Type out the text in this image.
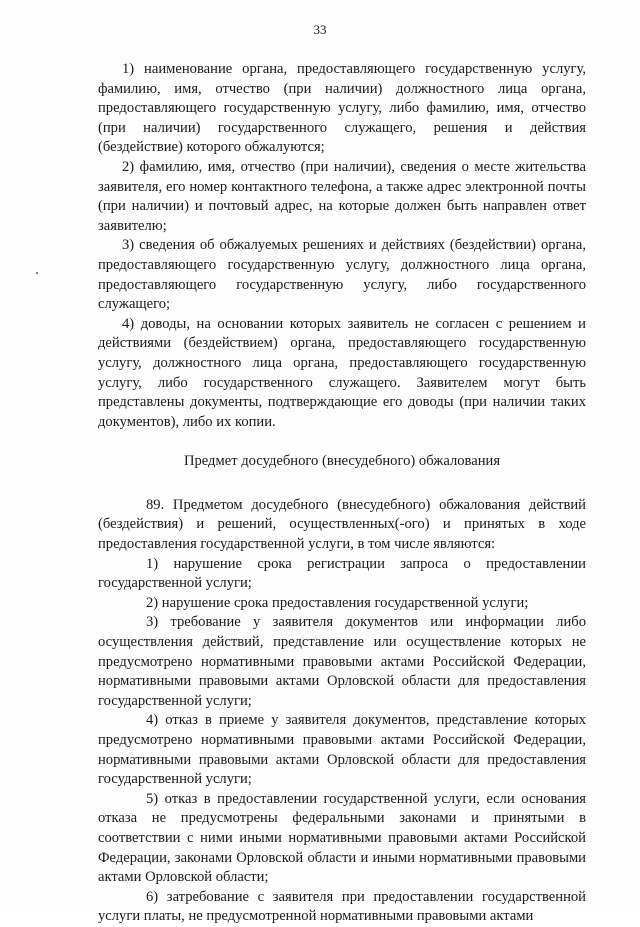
33

1) наименование органа, предоставляющего государственную услугу, фамилию, имя, отчество (при наличии) должностного лица органа, предоставляющего государственную услугу, либо фамилию, имя, отчество (при наличии) государственного служащего, решения и действия (бездействие) которого обжалуются;

2) фамилию, имя, отчество (при наличии), сведения о месте жительства заявителя, его номер контактного телефона, а также адрес электронной почты (при наличии) и почтовый адрес, на которые должен быть направлен ответ заявителю;

3) сведения об обжалуемых решениях и действиях (бездействии) органа, предоставляющего государственную услугу, должностного лица органа, предоставляющего государственную услугу, либо государственного служащего;

4) доводы, на основании которых заявитель не согласен с решением и действиями (бездействием) органа, предоставляющего государственную услугу, должностного лица органа, предоставляющего государственную услугу, либо государственного служащего. Заявителем могут быть представлены документы, подтверждающие его доводы (при наличии таких документов), либо их копии.

Предмет досудебного (внесудебного) обжалования

89. Предметом досудебного (внесудебного) обжалования действий (бездействия) и решений, осуществленных(-ого) и принятых в ходе предоставления государственной услуги, в том числе являются:

1) нарушение срока регистрации запроса о предоставлении государственной услуги;

2) нарушение срока предоставления государственной услуги;

3) требование у заявителя документов или информации либо осуществления действий, представление или осуществление которых не предусмотрено нормативными правовыми актами Российской Федерации, нормативными правовыми актами Орловской области для предоставления государственной услуги;

4) отказ в приеме у заявителя документов, представление которых предусмотрено нормативными правовыми актами Российской Федерации, нормативными правовыми актами Орловской области для предоставления государственной услуги;

5) отказ в предоставлении государственной услуги, если основания отказа не предусмотрены федеральными законами и принятыми в соответствии с ними иными нормативными правовыми актами Российской Федерации, законами Орловской области и иными нормативными правовыми актами Орловской области;

6) затребование с заявителя при предоставлении государственной услуги платы, не предусмотренной нормативными правовыми актами
